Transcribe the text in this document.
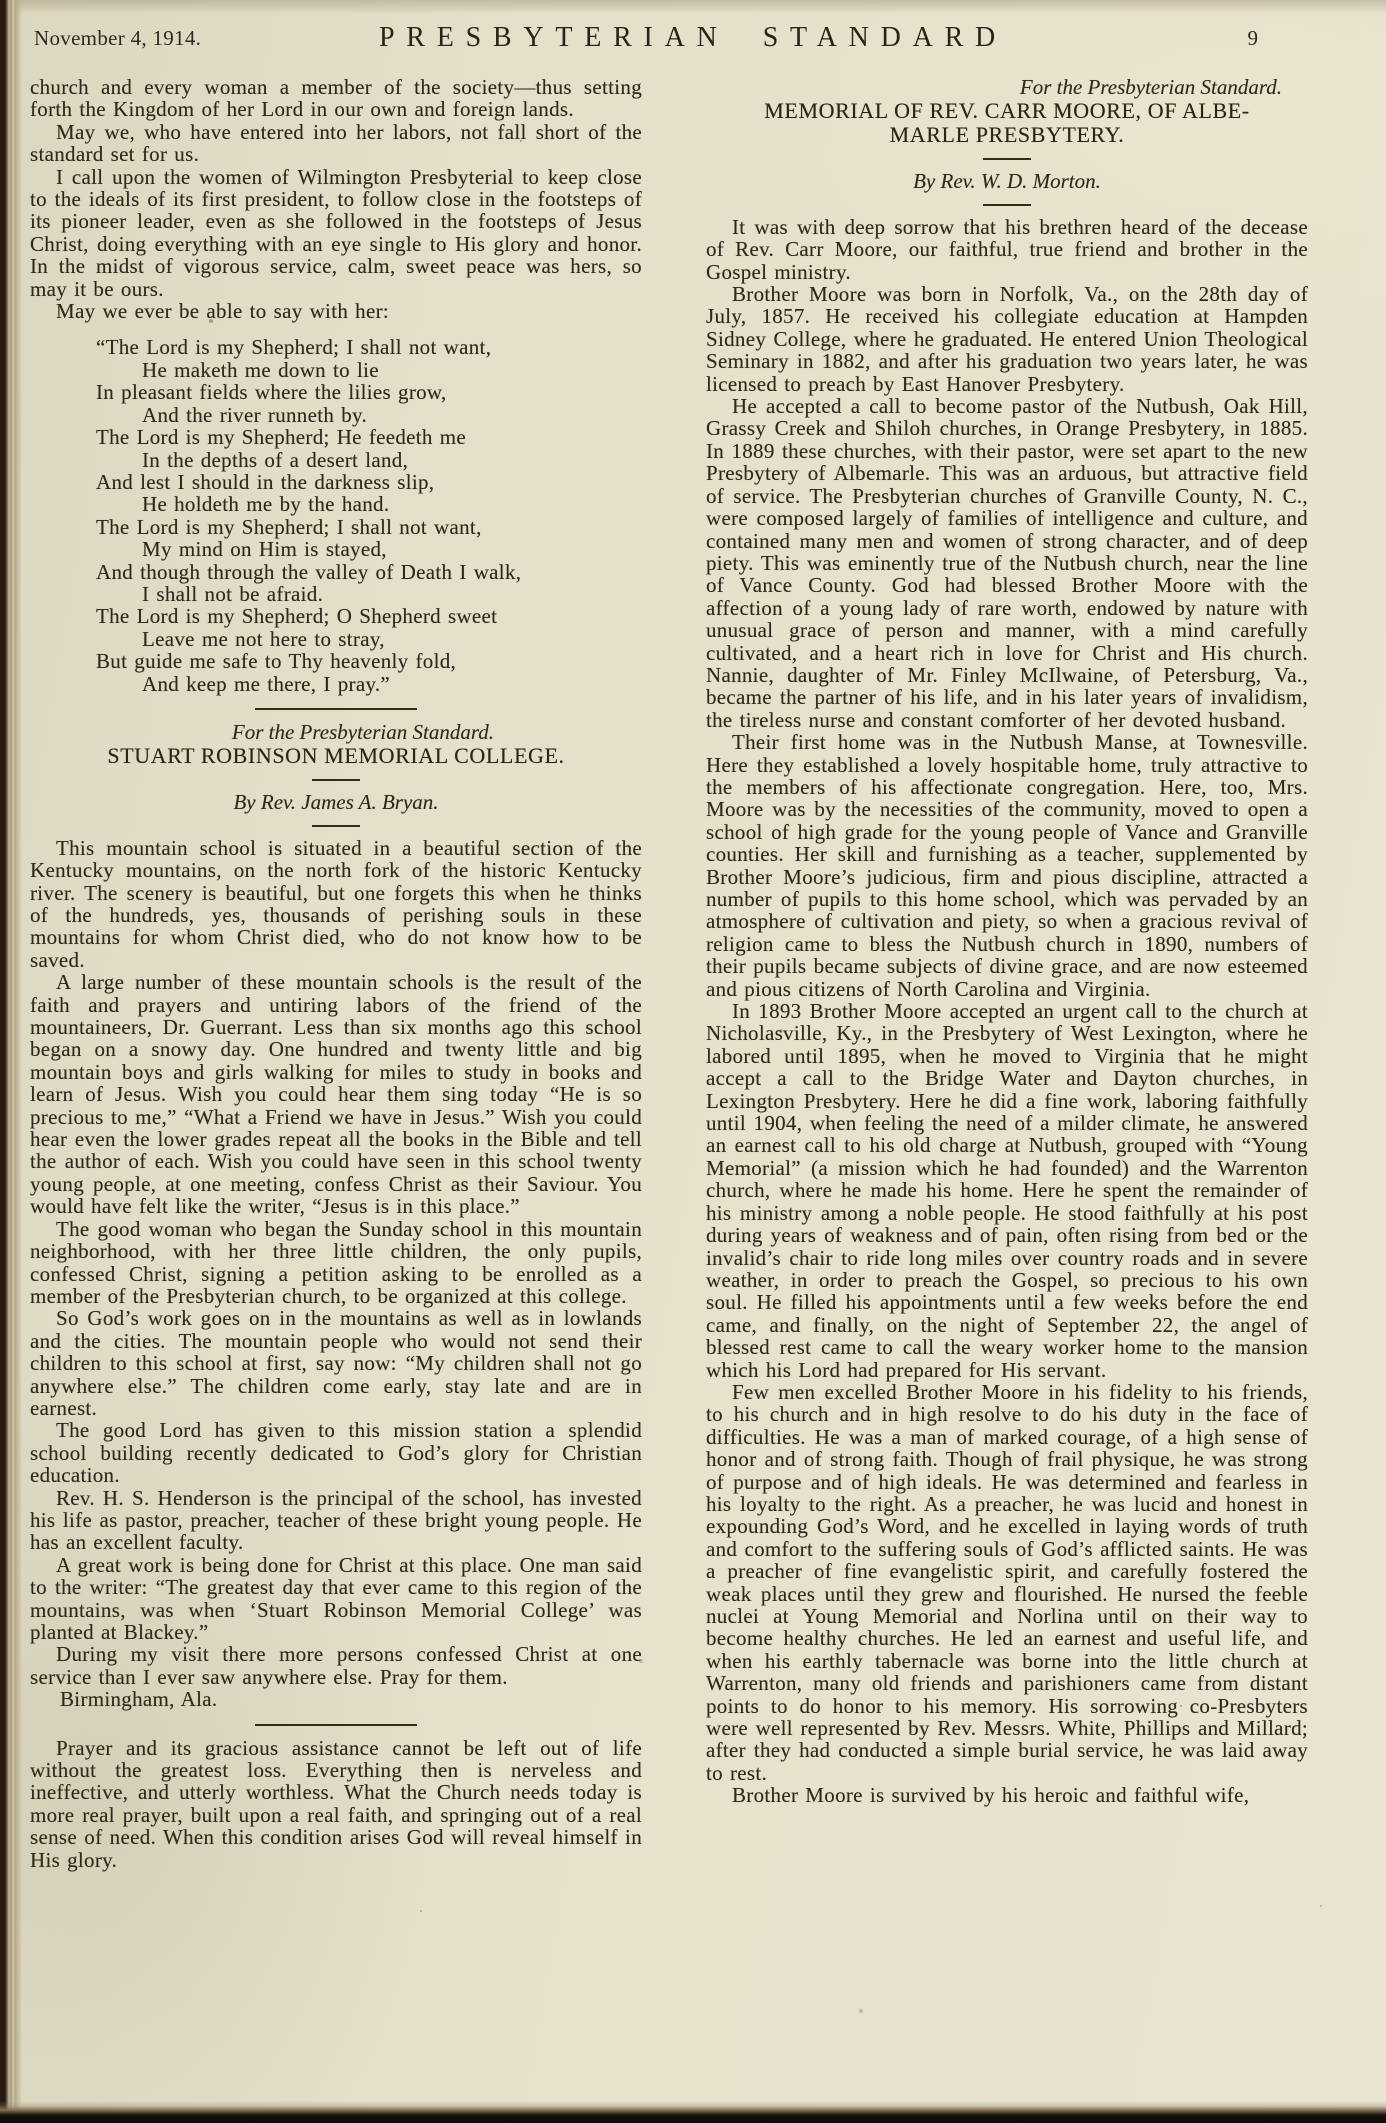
November 4, 1914.	PRESBYTERIAN STANDARD	9

church and every woman a member of the society—thus setting forth the Kingdom of her Lord in our own and foreign lands.

May we, who have entered into her labors, not fall short of the standard set for us.

I call upon the women of Wilmington Presbyterial to keep close to the ideals of its first president, to follow close in the footsteps of its pioneer leader, even as she followed in the footsteps of Jesus Christ, doing everything with an eye single to His glory and honor. In the midst of vigorous service, calm, sweet peace was hers, so may it be ours.

May we ever be able to say with her:

“The Lord is my Shepherd; I shall not want,
He maketh me down to lie
In pleasant fields where the lilies grow,
And the river runneth by.
The Lord is my Shepherd; He feedeth me
In the depths of a desert land,
And lest I should in the darkness slip,
He holdeth me by the hand.
The Lord is my Shepherd; I shall not want,
My mind on Him is stayed,
And though through the valley of Death I walk,
I shall not be afraid.
The Lord is my Shepherd; O Shepherd sweet
Leave me not here to stray,
But guide me safe to Thy heavenly fold,
And keep me there, I pray.”
For the Presbyterian Standard.
STUART ROBINSON MEMORIAL COLLEGE.
By Rev. James A. Bryan.

This mountain school is situated in a beautiful section of the Kentucky mountains, on the north fork of the historic Kentucky river. The scenery is beautiful, but one forgets this when he thinks of the hundreds, yes, thousands of perishing souls in these mountains for whom Christ died, who do not know how to be saved.

A large number of these mountain schools is the result of the faith and prayers and untiring labors of the friend of the mountaineers, Dr. Guerrant. Less than six months ago this school began on a snowy day. One hundred and twenty little and big mountain boys and girls walking for miles to study in books and learn of Jesus. Wish you could hear them sing today “He is so precious to me,” “What a Friend we have in Jesus.” Wish you could hear even the lower grades repeat all the books in the Bible and tell the author of each. Wish you could have seen in this school twenty young people, at one meeting, confess Christ as their Saviour. You would have felt like the writer, “Jesus is in this place.”

The good woman who began the Sunday school in this mountain neighborhood, with her three little children, the only pupils, confessed Christ, signing a petition asking to be enrolled as a member of the Presbyterian church, to be organized at this college.

So God’s work goes on in the mountains as well as in lowlands and the cities. The mountain people who would not send their children to this school at first, say now: “My children shall not go anywhere else.” The children come early, stay late and are in earnest.

The good Lord has given to this mission station a splendid school building recently dedicated to God’s glory for Christian education.

Rev. H. S. Henderson is the principal of the school, has invested his life as pastor, preacher, teacher of these bright young people. He has an excellent faculty.

A great work is being done for Christ at this place. One man said to the writer: “The greatest day that ever came to this region of the mountains, was when ‘Stuart Robinson Memorial College’ was planted at Blackey.”

During my visit there more persons confessed Christ at one service than I ever saw anywhere else. Pray for them.

Birmingham, Ala.

Prayer and its gracious assistance cannot be left out of life without the greatest loss. Everything then is nerveless and ineffective, and utterly worthless. What the Church needs today is more real prayer, built upon a real faith, and springing out of a real sense of need. When this condition arises God will reveal himself in His glory.

For the Presbyterian Standard.
MEMORIAL OF REV. CARR MOORE, OF ALBE-
MARLE PRESBYTERY.
By Rev. W. D. Morton.

It was with deep sorrow that his brethren heard of the decease of Rev. Carr Moore, our faithful, true friend and brother in the Gospel ministry.

Brother Moore was born in Norfolk, Va., on the 28th day of July, 1857. He received his collegiate education at Hampden Sidney College, where he graduated. He entered Union Theological Seminary in 1882, and after his graduation two years later, he was licensed to preach by East Hanover Presbytery.

He accepted a call to become pastor of the Nutbush, Oak Hill, Grassy Creek and Shiloh churches, in Orange Presbytery, in 1885. In 1889 these churches, with their pastor, were set apart to the new Presbytery of Albemarle. This was an arduous, but attractive field of service. The Presbyterian churches of Granville County, N. C., were composed largely of families of intelligence and culture, and contained many men and women of strong character, and of deep piety. This was eminently true of the Nutbush church, near the line of Vance County. God had blessed Brother Moore with the affection of a young lady of rare worth, endowed by nature with unusual grace of person and manner, with a mind carefully cultivated, and a heart rich in love for Christ and His church. Nannie, daughter of Mr. Finley McIlwaine, of Petersburg, Va., became the partner of his life, and in his later years of invalidism, the tireless nurse and constant comforter of her devoted husband.

Their first home was in the Nutbush Manse, at Townesville. Here they established a lovely hospitable home, truly attractive to the members of his affectionate congregation. Here, too, Mrs. Moore was by the necessities of the community, moved to open a school of high grade for the young people of Vance and Granville counties. Her skill and furnishing as a teacher, supplemented by Brother Moore’s judicious, firm and pious discipline, attracted a number of pupils to this home school, which was pervaded by an atmosphere of cultivation and piety, so when a gracious revival of religion came to bless the Nutbush church in 1890, numbers of their pupils became subjects of divine grace, and are now esteemed and pious citizens of North Carolina and Virginia.

In 1893 Brother Moore accepted an urgent call to the church at Nicholasville, Ky., in the Presbytery of West Lexington, where he labored until 1895, when he moved to Virginia that he might accept a call to the Bridge Water and Dayton churches, in Lexington Presbytery. Here he did a fine work, laboring faithfully until 1904, when feeling the need of a milder climate, he answered an earnest call to his old charge at Nutbush, grouped with “Young Memorial” (a mission which he had founded) and the Warrenton church, where he made his home. Here he spent the remainder of his ministry among a noble people. He stood faithfully at his post during years of weakness and of pain, often rising from bed or the invalid’s chair to ride long miles over country roads and in severe weather, in order to preach the Gospel, so precious to his own soul. He filled his appointments until a few weeks before the end came, and finally, on the night of September 22, the angel of blessed rest came to call the weary worker home to the mansion which his Lord had prepared for His servant.

Few men excelled Brother Moore in his fidelity to his friends, to his church and in high resolve to do his duty in the face of difficulties. He was a man of marked courage, of a high sense of honor and of strong faith. Though of frail physique, he was strong of purpose and of high ideals. He was determined and fearless in his loyalty to the right. As a preacher, he was lucid and honest in expounding God’s Word, and he excelled in laying words of truth and comfort to the suffering souls of God’s afflicted saints. He was a preacher of fine evangelistic spirit, and carefully fostered the weak places until they grew and flourished. He nursed the feeble nuclei at Young Memorial and Norlina until on their way to become healthy churches. He led an earnest and useful life, and when his earthly tabernacle was borne into the little church at Warrenton, many old friends and parishioners came from distant points to do honor to his memory. His sorrowing co-Presbyters were well represented by Rev. Messrs. White, Phillips and Millard; after they had conducted a simple burial service, he was laid away to rest.

Brother Moore is survived by his heroic and faithful wife,
